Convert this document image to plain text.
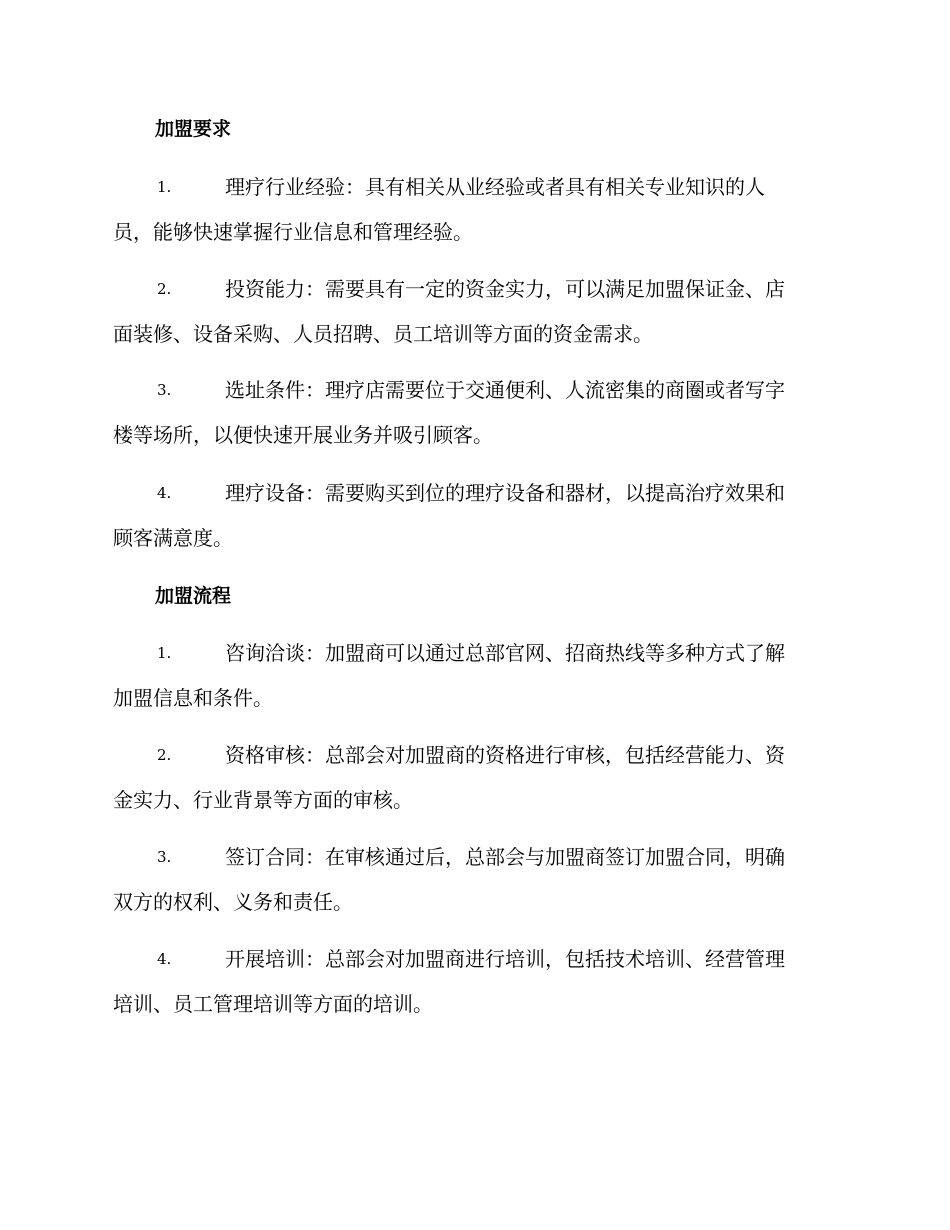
加盟要求
1.	理疗行业经验：具有相关从业经验或者具有相关专业知识的人
员，能够快速掌握行业信息和管理经验。
2.	投资能力：需要具有一定的资金实力，可以满足加盟保证金、店
面装修、设备采购、人员招聘、员工培训等方面的资金需求。
3.	选址条件：理疗店需要位于交通便利、人流密集的商圈或者写字
楼等场所，以便快速开展业务并吸引顾客。
4.	理疗设备：需要购买到位的理疗设备和器材，以提高治疗效果和
顾客满意度。
加盟流程
1.	咨询洽谈：加盟商可以通过总部官网、招商热线等多种方式了解
加盟信息和条件。
2.	资格审核：总部会对加盟商的资格进行审核，包括经营能力、资
金实力、行业背景等方面的审核。
3.	签订合同：在审核通过后，总部会与加盟商签订加盟合同，明确
双方的权利、义务和责任。
4.	开展培训：总部会对加盟商进行培训，包括技术培训、经营管理
培训、员工管理培训等方面的培训。
